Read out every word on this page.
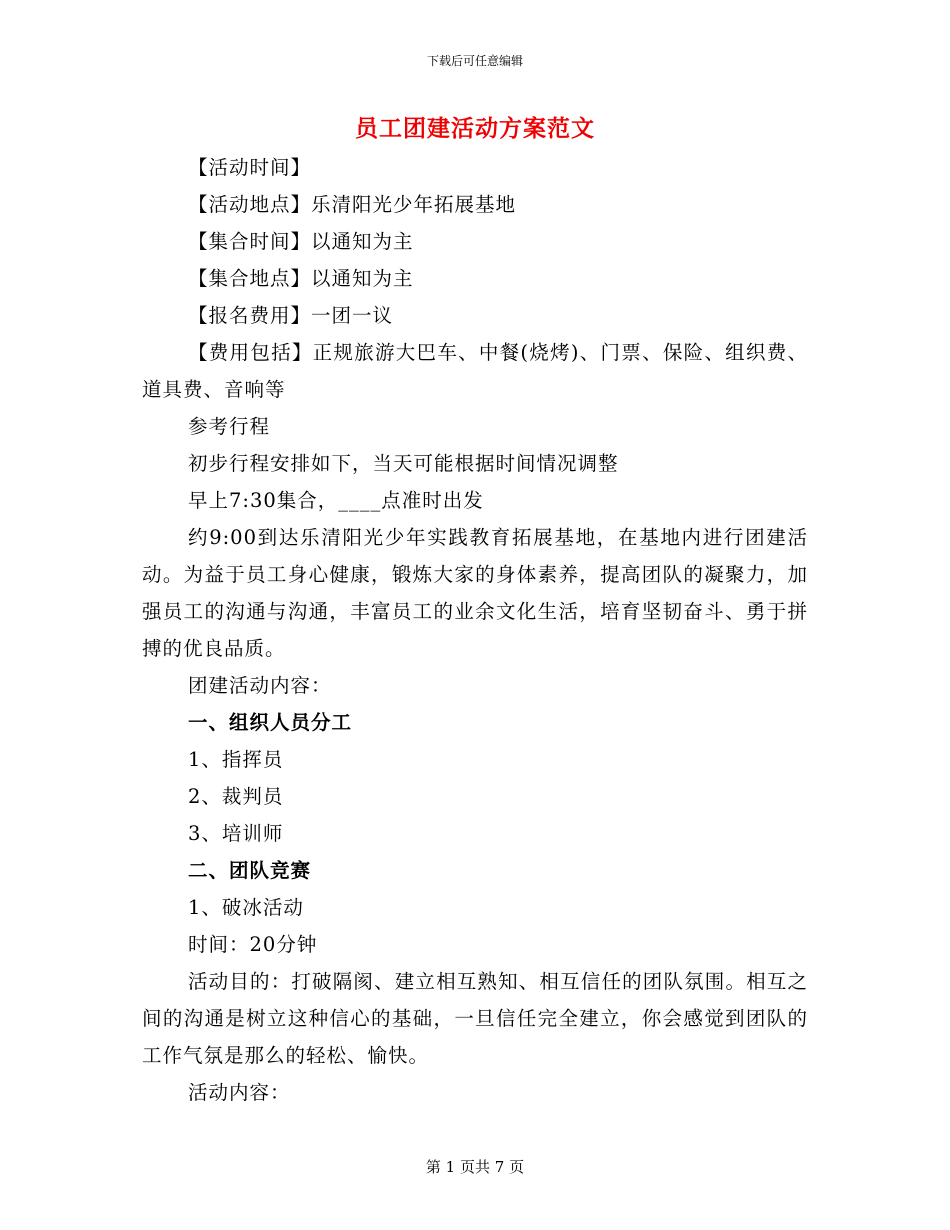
下载后可任意编辑
员工团建活动方案范文

【活动时间】

【活动地点】乐清阳光少年拓展基地

【集合时间】以通知为主

【集合地点】以通知为主

【报名费用】一团一议

【费用包括】正规旅游大巴车、中餐(烧烤)、门票、保险、组织费、道具费、音响等

参考行程

初步行程安排如下，当天可能根据时间情况调整

早上7:30集合，____点准时出发

约9:00到达乐清阳光少年实践教育拓展基地，在基地内进行团建活动。为益于员工身心健康，锻炼大家的身体素养，提高团队的凝聚力，加强员工的沟通与沟通，丰富员工的业余文化生活，培育坚韧奋斗、勇于拼搏的优良品质。

团建活动内容：

一、组织人员分工

1、指挥员

2、裁判员

3、培训师

二、团队竞赛

1、破冰活动

时间：20分钟

活动目的：打破隔阂、建立相互熟知、相互信任的团队氛围。相互之间的沟通是树立这种信心的基础，一旦信任完全建立，你会感觉到团队的工作气氛是那么的轻松、愉快。

活动内容：

第 1 页共 7 页
